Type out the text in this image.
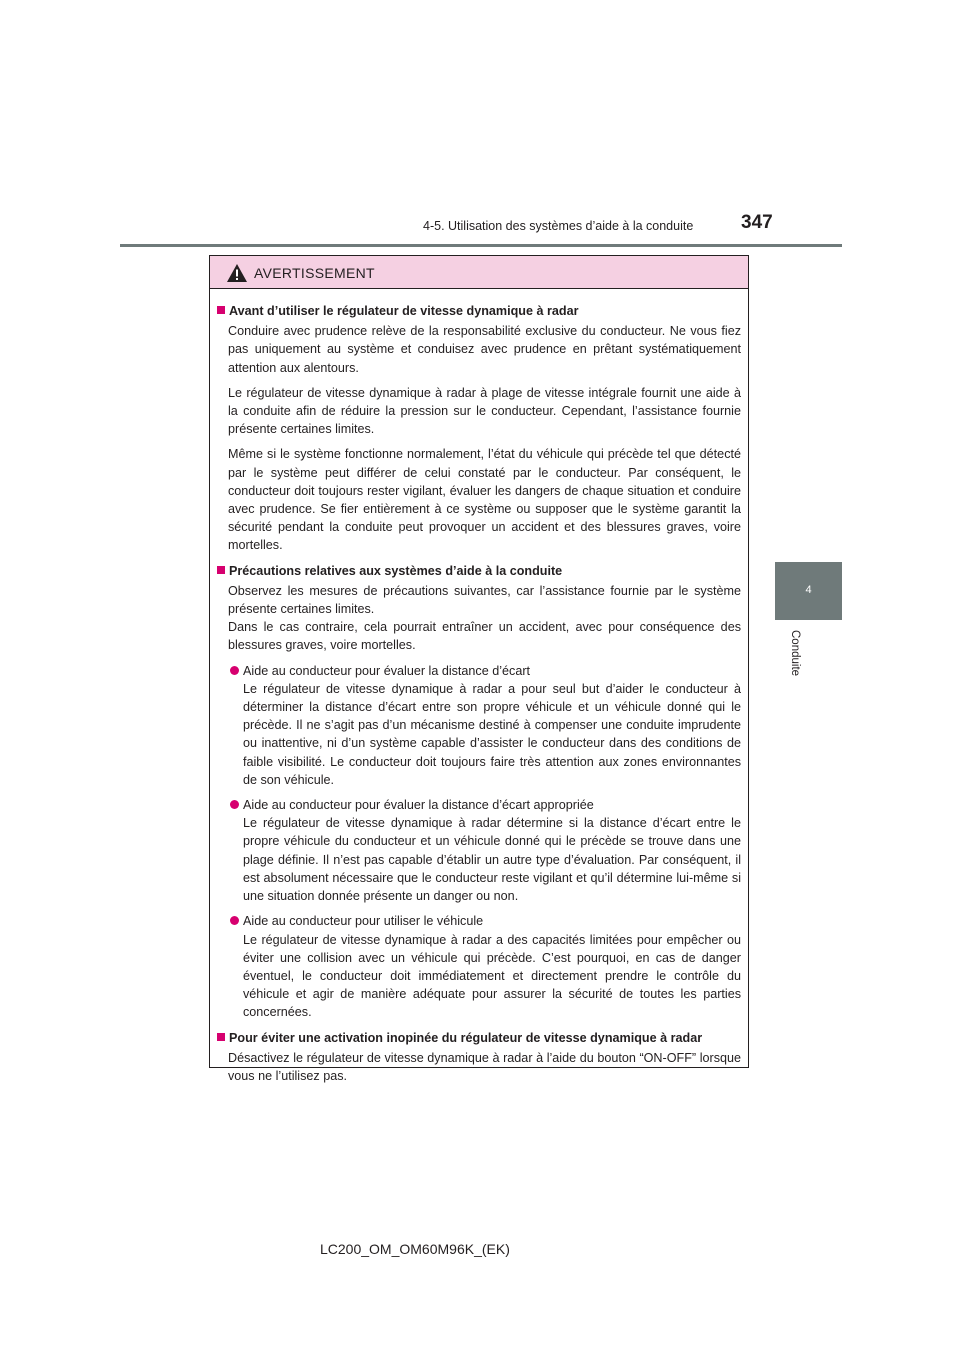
4-5. Utilisation des systèmes d’aide à la conduite	347
4
Conduite
AVERTISSEMENT
Avant d’utiliser le régulateur de vitesse dynamique à radar

Conduire avec prudence relève de la responsabilité exclusive du conducteur. Ne vous fiez pas uniquement au système et conduisez avec prudence en prêtant systématiquement attention aux alentours.

Le régulateur de vitesse dynamique à radar à plage de vitesse intégrale fournit une aide à la conduite afin de réduire la pression sur le conducteur. Cependant, l’assistance fournie présente certaines limites.

Même si le système fonctionne normalement, l’état du véhicule qui précède tel que détecté par le système peut différer de celui constaté par le conducteur. Par conséquent, le conducteur doit toujours rester vigilant, évaluer les dangers de chaque situation et conduire avec prudence. Se fier entièrement à ce système ou supposer que le système garantit la sécurité pendant la conduite peut provoquer un accident et des blessures graves, voire mortelles.

Précautions relatives aux systèmes d’aide à la conduite

Observez les mesures de précautions suivantes, car l’assistance fournie par le système présente certaines limites.

Dans le cas contraire, cela pourrait entraîner un accident, avec pour conséquence des blessures graves, voire mortelles.

Aide au conducteur pour évaluer la distance d’écart
Le régulateur de vitesse dynamique à radar a pour seul but d’aider le conducteur à déterminer la distance d’écart entre son propre véhicule et un véhicule donné qui le précède. Il ne s’agit pas d’un mécanisme destiné à compenser une conduite imprudente ou inattentive, ni d’un système capable d’assister le conducteur dans des conditions de faible visibilité. Le conducteur doit toujours faire très attention aux zones environnantes de son véhicule.
Aide au conducteur pour évaluer la distance d’écart appropriée
Le régulateur de vitesse dynamique à radar détermine si la distance d’écart entre le propre véhicule du conducteur et un véhicule donné qui le précède se trouve dans une plage définie. Il n’est pas capable d’établir un autre type d’évaluation. Par conséquent, il est absolument nécessaire que le conducteur reste vigilant et qu’il détermine lui-même si une situation donnée présente un danger ou non.
Aide au conducteur pour utiliser le véhicule
Le régulateur de vitesse dynamique à radar a des capacités limitées pour empêcher ou éviter une collision avec un véhicule qui précède. C’est pourquoi, en cas de danger éventuel, le conducteur doit immédiatement et directement prendre le contrôle du véhicule et agir de manière adéquate pour assurer la sécurité de toutes les parties concernées.
Pour éviter une activation inopinée du régulateur de vitesse dynamique à radar

Désactivez le régulateur de vitesse dynamique à radar à l’aide du bouton “ON-OFF” lorsque vous ne l’utilisez pas.

LC200_OM_OM60M96K_(EK)
